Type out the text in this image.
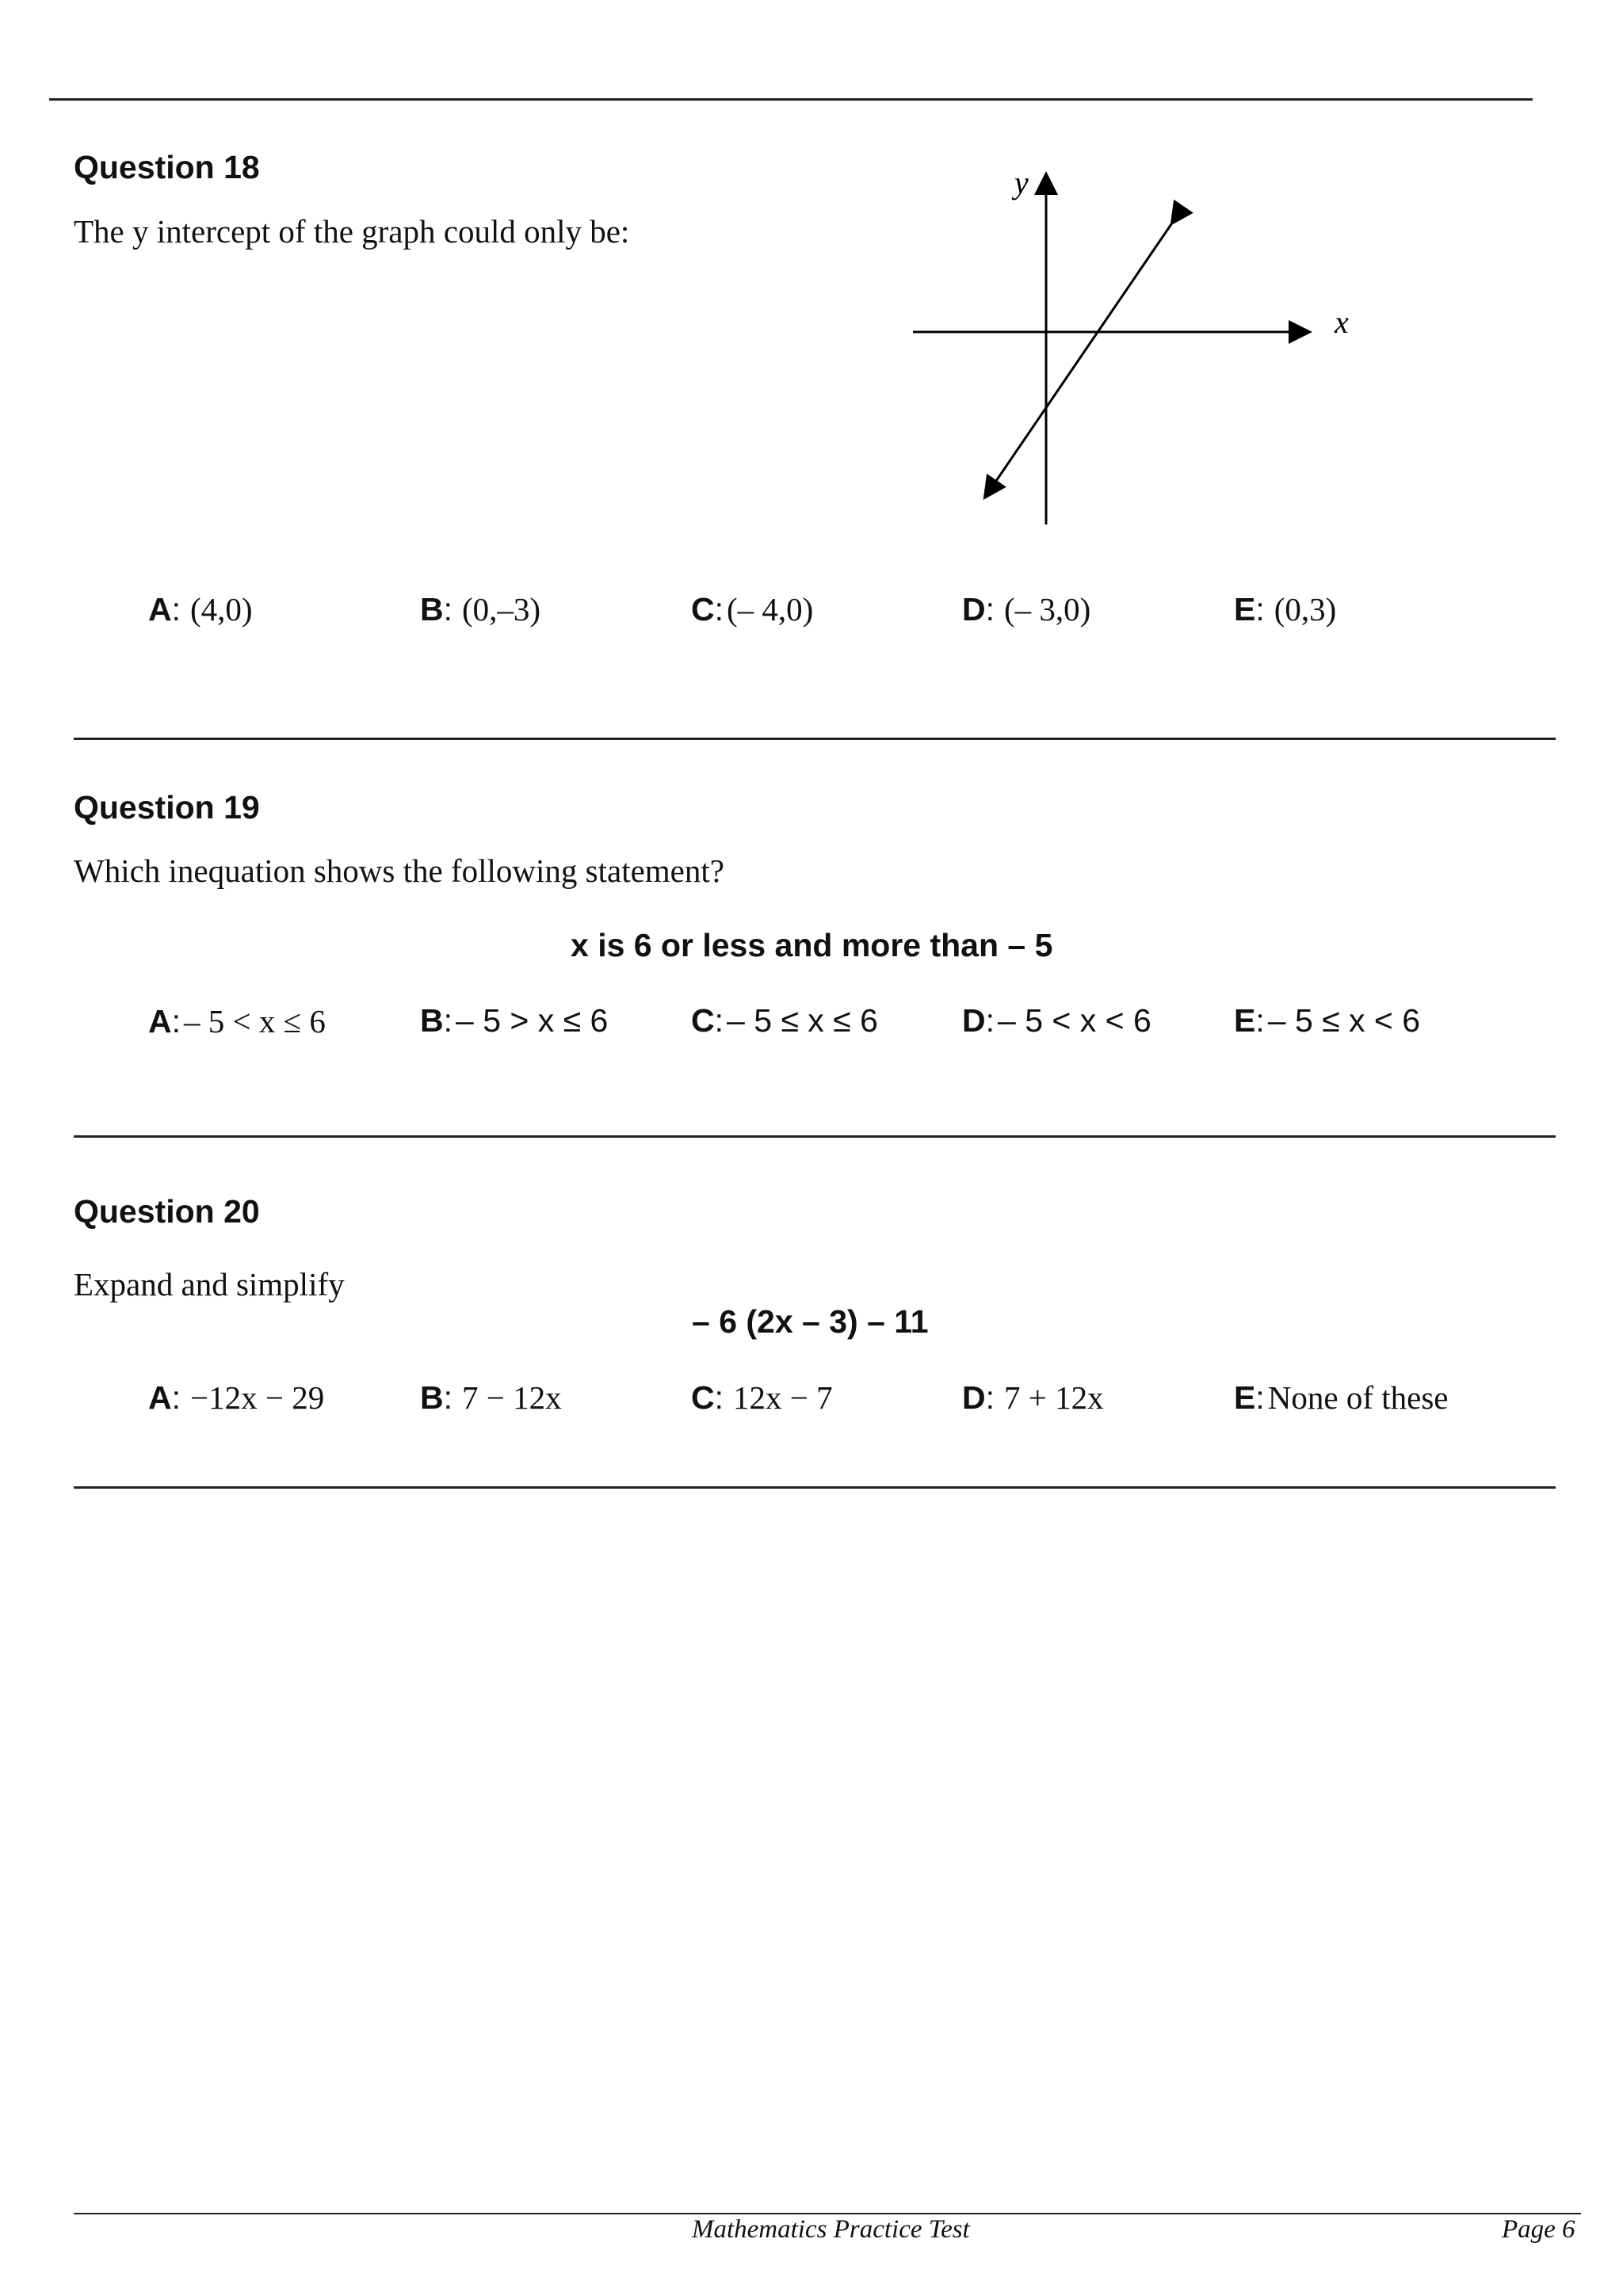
Question 18
The y intercept of the graph could only be:
x
y
A : (4,0)	B : (0,–3)	C : (– 4,0)	D : (– 3,0)	E : (0,3)
Question 19
Which inequation shows the following statement?
x is 6 or less and more than – 5
A : – 5 < x ≤ 6	B : – 5 > x ≤ 6	C : – 5 ≤ x ≤ 6	D : – 5 < x < 6	E : – 5 ≤ x < 6
Question 20
Expand and simplify
– 6 (2x – 3) – 11
A : −12x − 29	B : 7 − 12x	C : 12x − 7	D : 7 + 12x	E : None of these
Mathematics Practice Test	Page 6
